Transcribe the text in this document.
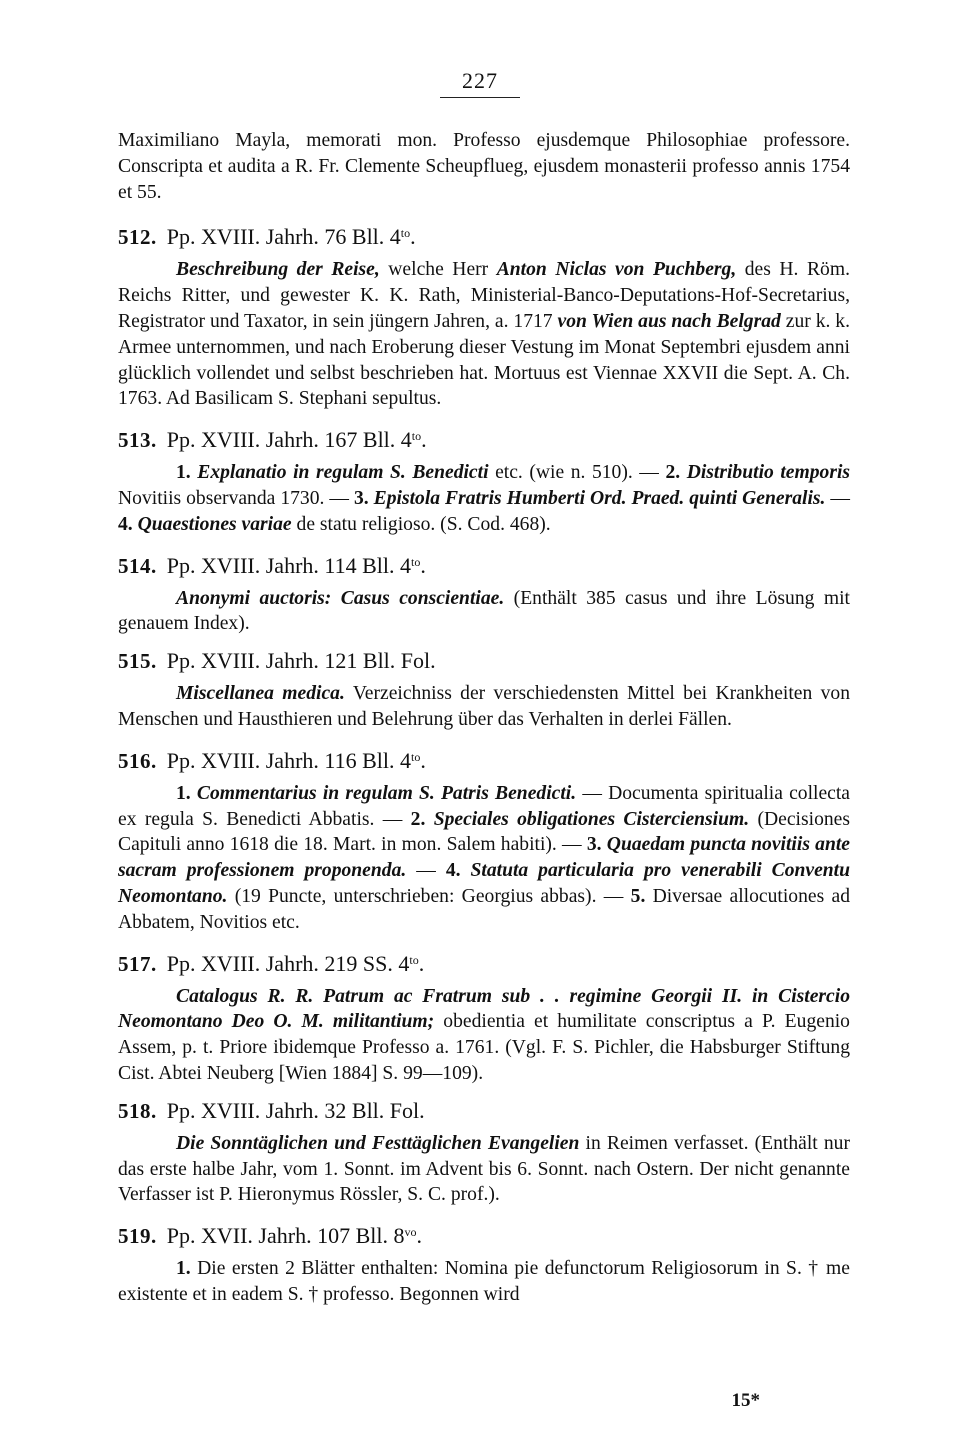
227

Maximiliano Mayla, memorati mon. Professo ejusdemque Philosophiae professore. Conscripta et audita a R. Fr. Clemente Scheupflueg, ejusdem monasterii professo annis 1754 et 55.

512. Pp. XVIII. Jahrh. 76 Bll. $4^{to}$.

Beschreibung der Reise, welche Herr Anton Niclas von Puchberg, des H. Röm. Reichs Ritter, und gewester K. K. Rath, Ministerial-Banco-Deputations-Hof-Secretarius, Registrator und Taxator, in sein jüngern Jahren, a. 1717 von Wien aus nach Belgrad zur k. k. Armee unternommen, und nach Eroberung dieser Vestung im Monat Septembri ejusdem anni glücklich vollendet und selbst beschrieben hat. Mortuus est Viennae XXVII die Sept. A. Ch. 1763. Ad Basilicam S. Stephani sepultus.

513. Pp. XVIII. Jahrh. 167 Bll. $4^{to}$.

1. Explanatio in regulam S. Benedicti etc. (wie n. 510). — 2. Distributio temporis Novitiis observanda 1730. — 3. Epistola Fratris Humberti Ord. Praed. quinti Generalis. — 4. Quaestiones variae de statu religioso. (S. Cod. 468).

514. Pp. XVIII. Jahrh. 114 Bll. $4^{to}$.

Anonymi auctoris: Casus conscientiae. (Enthält 385 casus und ihre Lösung mit genauem Index).

515. Pp. XVIII. Jahrh. 121 Bll. Fol.

Miscellanea medica. Verzeichniss der verschiedensten Mittel bei Krankheiten von Menschen und Hausthieren und Belehrung über das Verhalten in derlei Fällen.

516. Pp. XVIII. Jahrh. 116 Bll. $4^{to}$.

1. Commentarius in regulam S. Patris Benedicti. — Documenta spiritualia collecta ex regula S. Benedicti Abbatis. — 2. Speciales obligationes Cisterciensium. (Decisiones Capituli anno 1618 die 18. Mart. in mon. Salem habiti). — 3. Quaedam puncta novitiis ante sacram professionem proponenda. — 4. Statuta particularia pro venerabili Conventu Neomontano. (19 Puncte, unterschrieben: Georgius abbas). — 5. Diversae allocutiones ad Abbatem, Novitios etc.

517. Pp. XVIII. Jahrh. 219 SS. $4^{to}$.

Catalogus R. R. Patrum ac Fratrum sub . . regimine Georgii II. in Cistercio Neomontano Deo O. M. militantium; obedientia et humilitate conscriptus a P. Eugenio Assem, p. t. Priore ibidemque Professo a. 1761. (Vgl. F. S. Pichler, die Habsburger Stiftung Cist. Abtei Neuberg [Wien 1884] S. 99—109).

518. Pp. XVIII. Jahrh. 32 Bll. Fol.

Die Sonntäglichen und Festtäglichen Evangelien in Reimen verfasset. (Enthält nur das erste halbe Jahr, vom 1. Sonnt. im Advent bis 6. Sonnt. nach Ostern. Der nicht genannte Verfasser ist P. Hieronymus Rössler, S. C. prof.).

519. Pp. XVII. Jahrh. 107 Bll. $8^{vo}$.

1. Die ersten 2 Blätter enthalten: Nomina pie defunctorum Religiosorum in S. † me existente et in eadem S. † professo. Begonnen wird

15*
